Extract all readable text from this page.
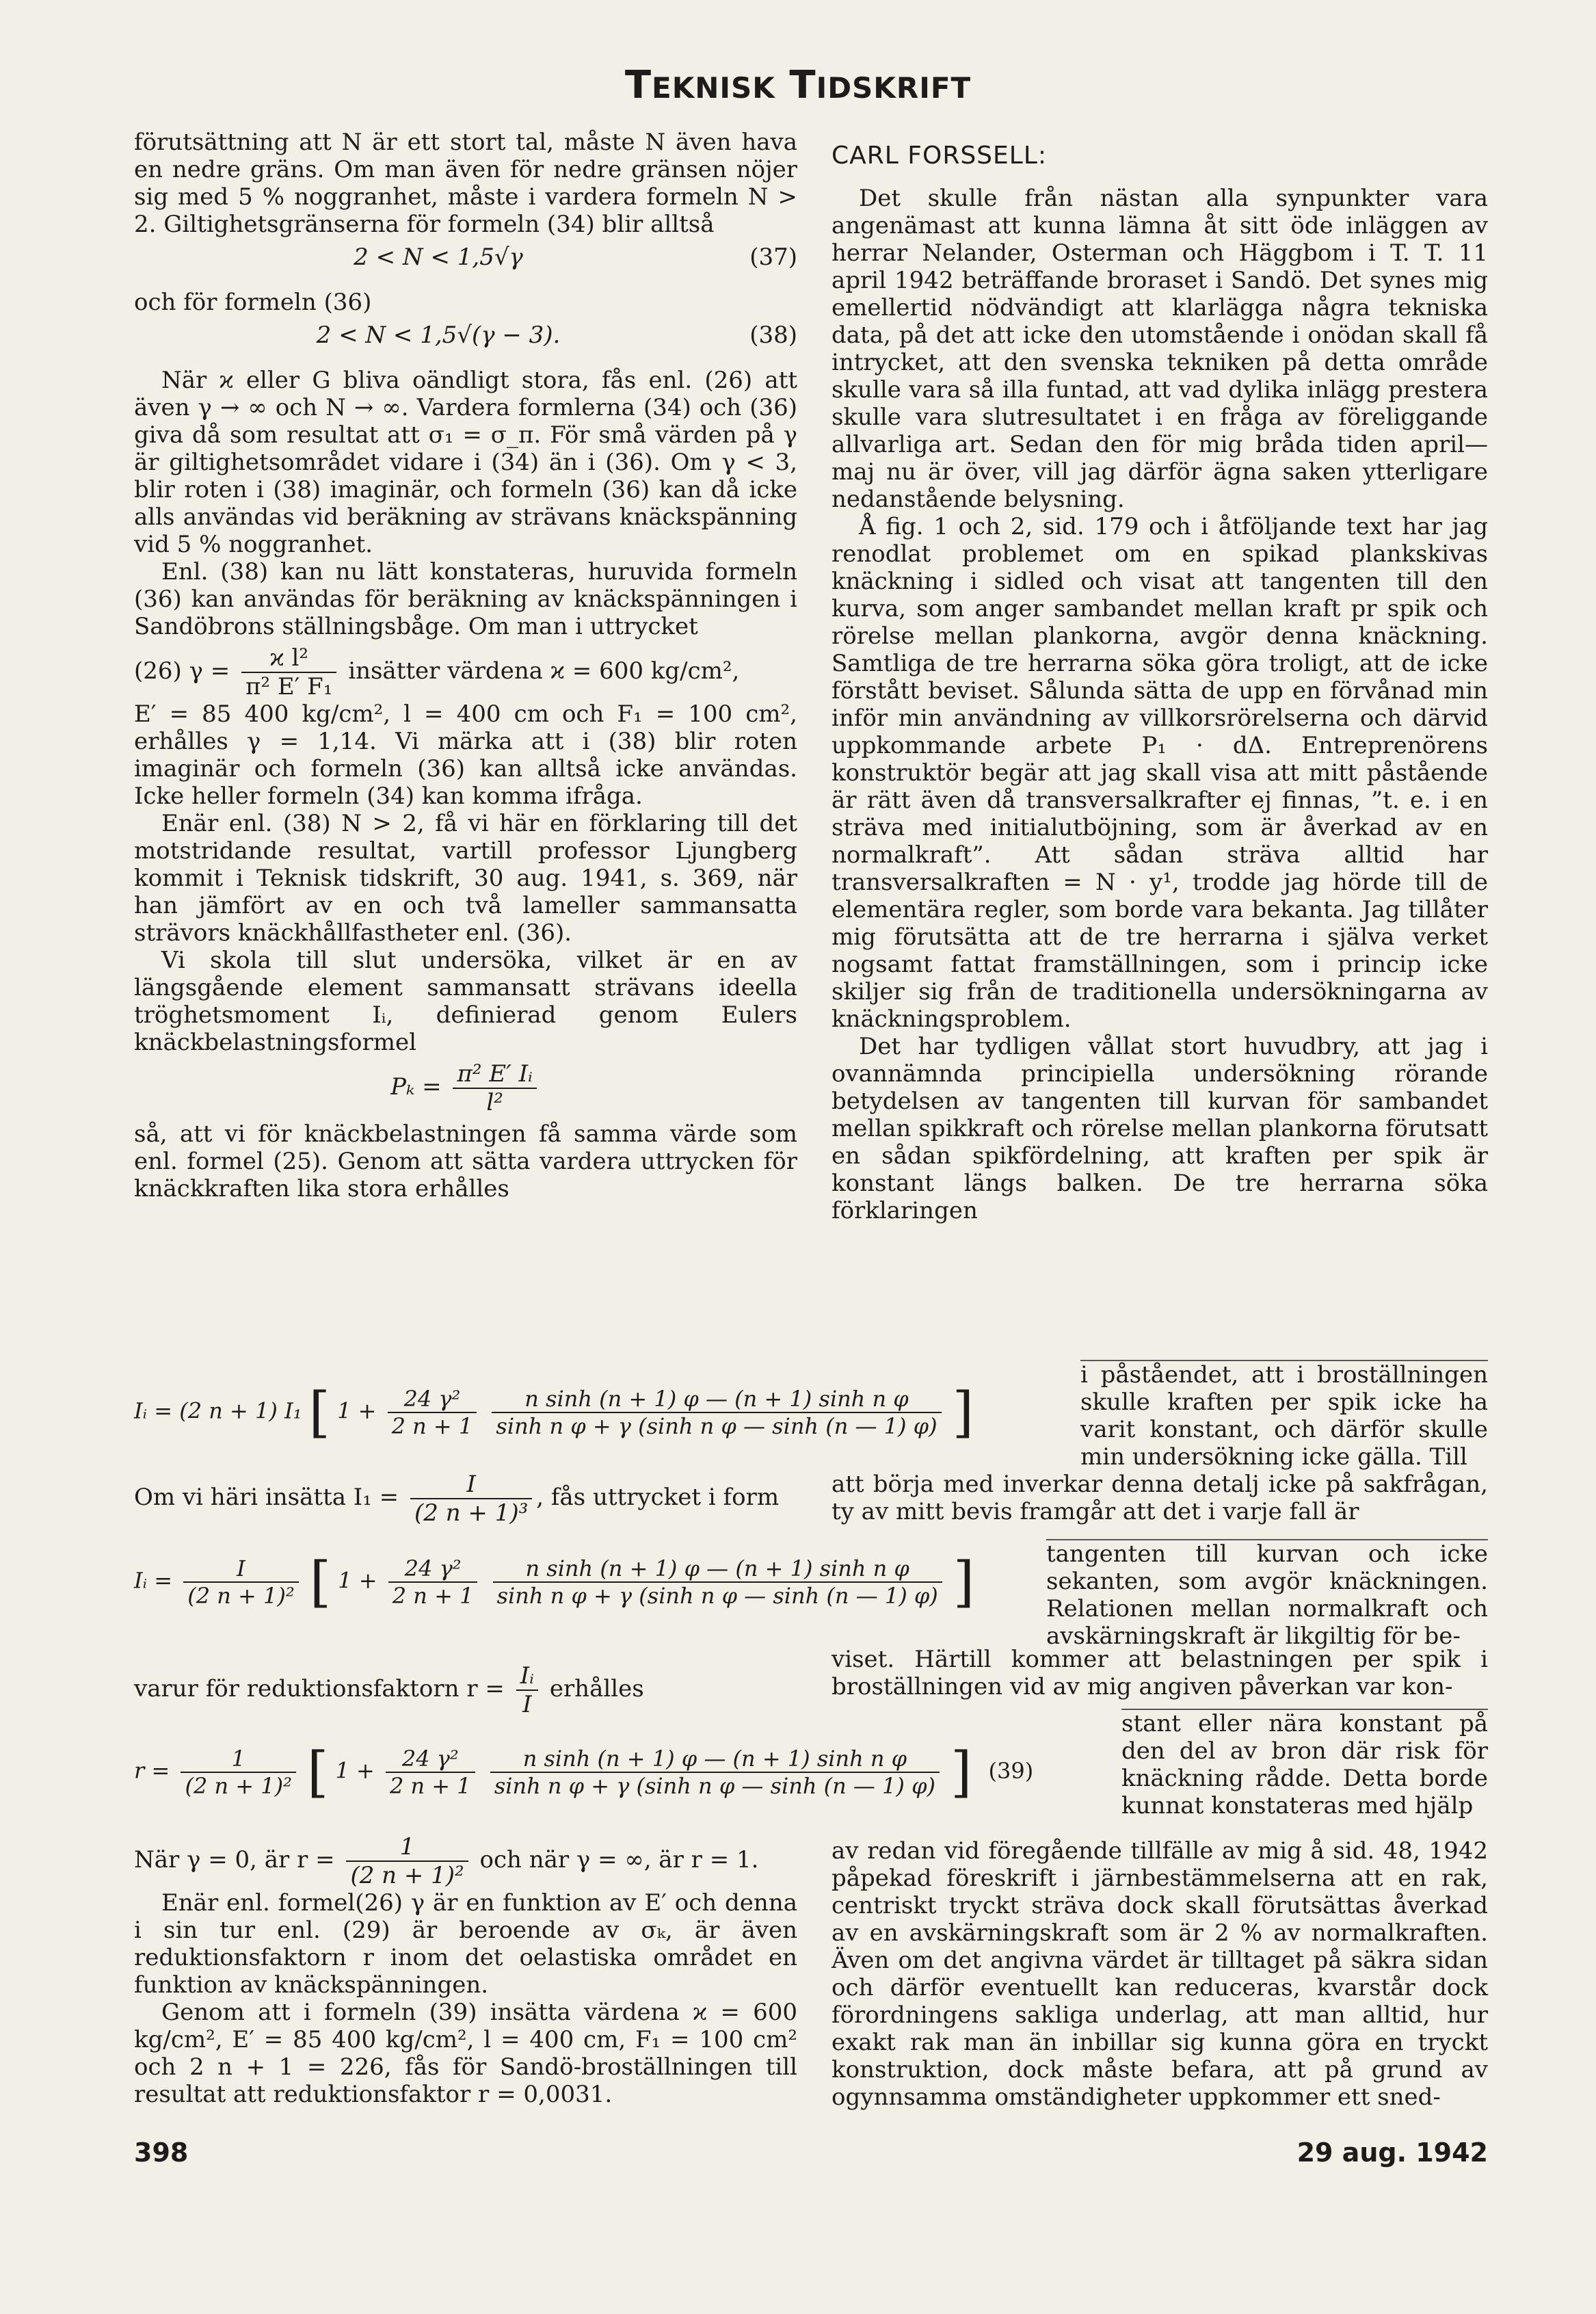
TEKNISK TIDSKRIFT

förutsättning att N är ett stort tal, måste N även hava en nedre gräns. Om man även för nedre gränsen nöjer sig med 5 % noggranhet, måste i vardera formeln N > 2. Giltighetsgränserna för formeln (34) blir alltså

2 < N < 1,5√γ	(37)

och för formeln (36)

2 < N < 1,5√(γ − 3).	(38)

När ϰ eller G bliva oändligt stora, fås enl. (26) att även γ → ∞ och N → ∞. Vardera formlerna (34) och (36) giva då som resultat att σ₁ = σ_π. För små värden på γ är giltighetsområdet vidare i (34) än i (36). Om γ < 3, blir roten i (38) imaginär, och formeln (36) kan då icke alls användas vid beräkning av strävans knäckspänning vid 5 % noggranhet.

Enl. (38) kan nu lätt konstateras, huruvida formeln (36) kan användas för beräkning av knäckspänningen i Sandöbrons ställningsbåge. Om man i uttrycket

(26) $\gamma = \frac{\text{ϰ l²}}{\text{π² E′ F₁}}$ insätter värdena ϰ = 600 kg/cm²,

E′ = 85 400 kg/cm², l = 400 cm och F₁ = 100 cm², erhålles γ = 1,14. Vi märka att i (38) blir roten imaginär och formeln (36) kan alltså icke användas. Icke heller formeln (34) kan komma ifråga.

Enär enl. (38) N > 2, få vi här en förklaring till det motstridande resultat, vartill professor Ljungberg kommit i Teknisk tidskrift, 30 aug. 1941, s. 369, när han jämfört av en och två lameller sammansatta strävors knäckhållfastheter enl. (36).

Vi skola till slut undersöka, vilket är en av längsgående element sammansatt strävans ideella tröghetsmoment Iᵢ, definierad genom Eulers knäckbelastningsformel

$P_k = \frac{\text{π² E′ Iᵢ}}{\text{l²}}$

så, att vi för knäckbelastningen få samma värde som enl. formel (25). Genom att sätta vardera uttrycken för knäckkraften lika stora erhålles

Iᵢ = (2 n + 1) I₁ [ $1 + \frac{\text{24 γ²}}{2 n + 1}$
$\frac{\text{n sinh (n + 1) φ — (n + 1) sinh n φ}}{\text{sinh n φ + γ (sinh n φ — sinh (n — 1) φ)}}$ ]

Om vi häri insätta $I_1 = \frac{I}{\text{(2 n + 1)³}}$ , fås uttrycket i form

Iᵢ = $\frac{I}{\text{(2 n + 1)²}}$ [ $1 + \frac{\text{24 γ²}}{2 n + 1}$
$\frac{\text{n sinh (n + 1) φ — (n + 1) sinh n φ}}{\text{sinh n φ + γ (sinh n φ — sinh (n — 1) φ)}}$ ]

varur för reduktionsfaktorn $r = \frac{\text{Iᵢ}}{I}$ erhålles

$r = \frac{1}{\text{(2 n + 1)²}}$ [ $1 + \frac{\text{24 γ²}}{2 n + 1}$
$\frac{\text{n sinh (n + 1) φ — (n + 1) sinh n φ}}{\text{sinh n φ + γ (sinh n φ — sinh (n — 1) φ)}}$ ] (39)

När γ = 0, är $r = \frac{1}{\text{(2 n + 1)²}}$ och när γ = ∞, är r = 1.

Enär enl. formel(26) γ är en funktion av E′ och denna i sin tur enl. (29) är beroende av σₖ, är även reduktionsfaktorn r inom det oelastiska området en funktion av knäckspänningen.

Genom att i formeln (39) insätta värdena ϰ = 600 kg/cm², E′ = 85 400 kg/cm², l = 400 cm, F₁ = 100 cm² och 2 n + 1 = 226, fås för Sandö-broställningen till resultat att reduktionsfaktor r = 0,0031.

CARL FORSSELL:

Det skulle från nästan alla synpunkter vara angenämast att kunna lämna åt sitt öde inläggen av herrar Nelander, Osterman och Häggbom i T. T. 11 april 1942 beträffande broraset i Sandö. Det synes mig emellertid nödvändigt att klarlägga några tekniska data, på det att icke den utomstående i onödan skall få intrycket, att den svenska tekniken på detta område skulle vara så illa funtad, att vad dylika inlägg prestera skulle vara slutresultatet i en fråga av föreliggande allvarliga art. Sedan den för mig bråda tiden april—maj nu är över, vill jag därför ägna saken ytterligare nedanstående belysning.

Å fig. 1 och 2, sid. 179 och i åtföljande text har jag renodlat problemet om en spikad plankskivas knäckning i sidled och visat att tangenten till den kurva, som anger sambandet mellan kraft pr spik och rörelse mellan plankorna, avgör denna knäckning. Samtliga de tre herrarna söka göra troligt, att de icke förstått beviset. Sålunda sätta de upp en förvånad min inför min användning av villkorsrörelserna och därvid uppkommande arbete P₁ · dΔ. Entreprenörens konstruktör begär att jag skall visa att mitt påstående är rätt även då transversalkrafter ej finnas, ”t. e. i en sträva med initialutböjning, som är åverkad av en normalkraft”. Att sådan sträva alltid har transversalkraften = N · y¹, trodde jag hörde till de elementära regler, som borde vara bekanta. Jag tillåter mig förutsätta att de tre herrarna i själva verket nogsamt fattat framställningen, som i princip icke skiljer sig från de traditionella undersökningarna av knäckningsproblem.

Det har tydligen vållat stort huvudbry, att jag i ovannämnda principiella undersökning rörande betydelsen av tangenten till kurvan för sambandet mellan spikkraft och rörelse mellan plankorna förutsatt en sådan spikfördelning, att kraften per spik är konstant längs balken. De tre herrarna söka förklaringen

i påståendet, att i broställningen skulle kraften per spik icke ha varit konstant, och därför skulle min undersökning icke gälla. Till

att börja med inverkar denna detalj icke på sakfrågan, ty av mitt bevis framgår att det i varje fall är

tangenten till kurvan och icke sekanten, som avgör knäckningen. Relationen mellan normalkraft och avskärningskraft är likgiltig för be-

viset. Härtill kommer att belastningen per spik i broställningen vid av mig angiven påverkan var kon-

stant eller nära konstant på den del av bron där risk för knäckning rådde. Detta borde kunnat konstateras med hjälp

av redan vid föregående tillfälle av mig å sid. 48, 1942 påpekad föreskrift i järnbestämmelserna att en rak, centriskt tryckt sträva dock skall förutsättas åverkad av en avskärningskraft som är 2 % av normalkraften. Även om det angivna värdet är tilltaget på säkra sidan och därför eventuellt kan reduceras, kvarstår dock förordningens sakliga underlag, att man alltid, hur exakt rak man än inbillar sig kunna göra en tryckt konstruktion, dock måste befara, att på grund av ogynnsamma omständigheter uppkommer ett sned-

398	29 aug. 1942
